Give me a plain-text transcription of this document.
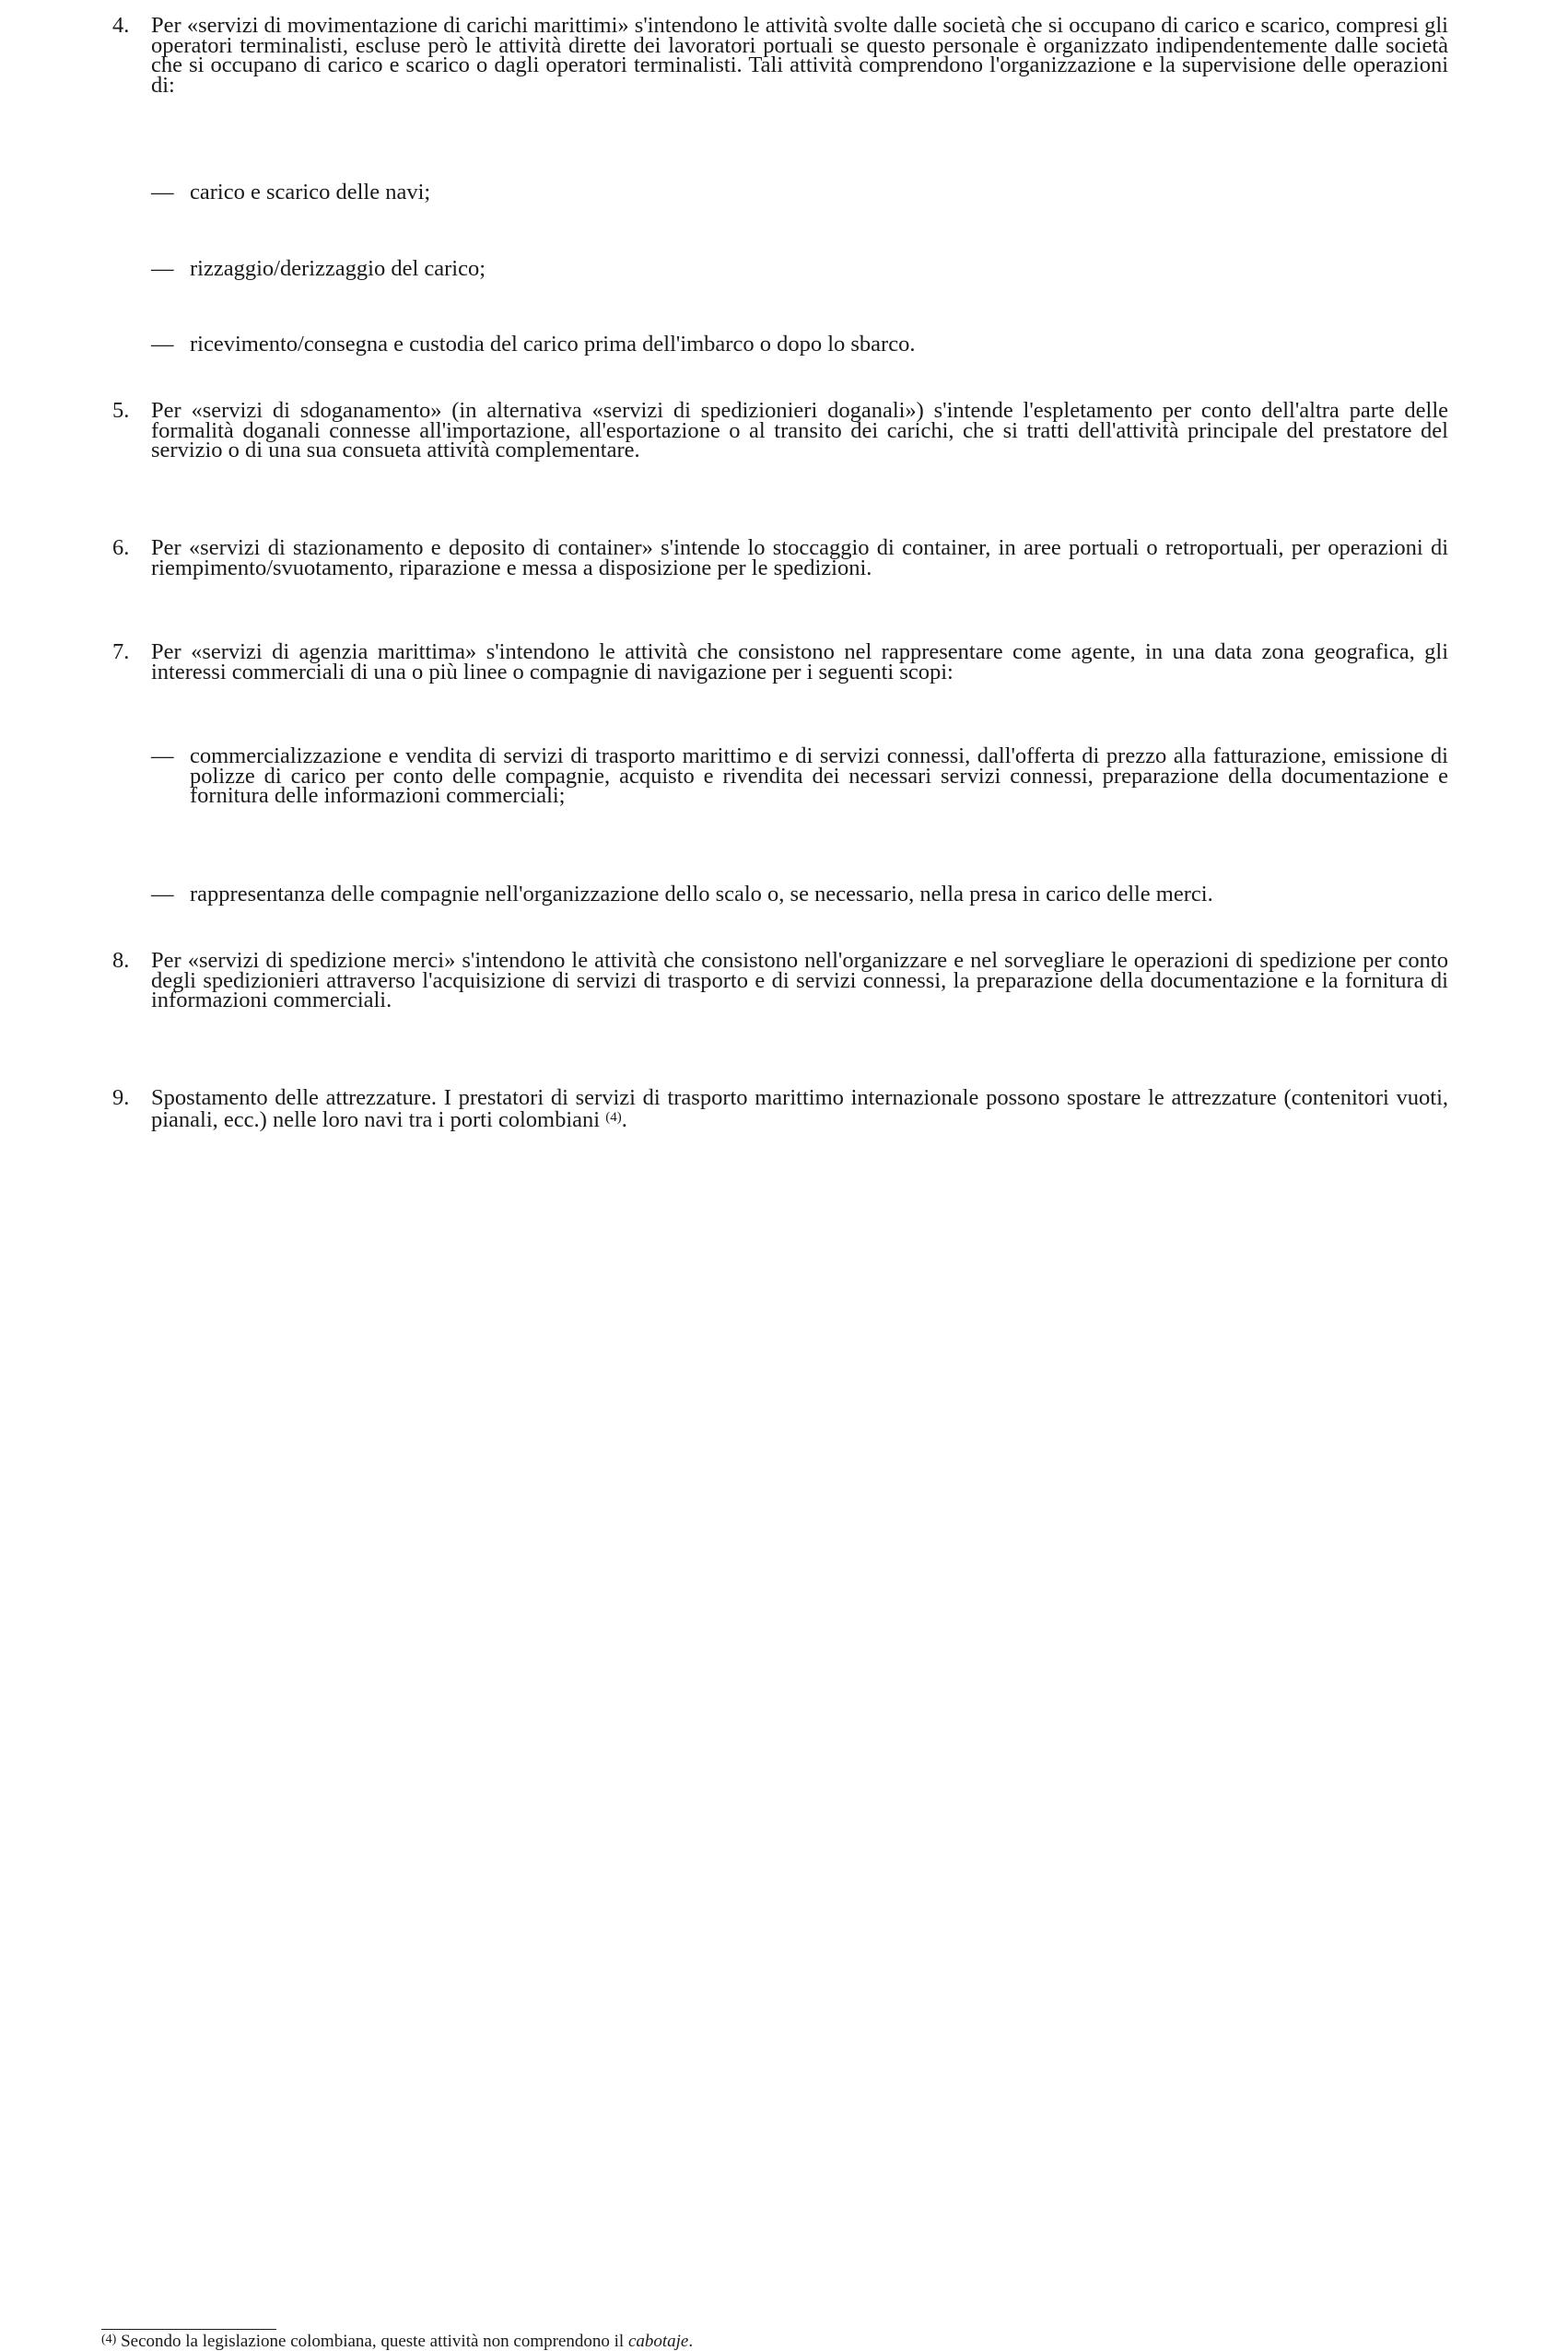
4. Per «servizi di movimentazione di carichi marittimi» s'intendono le attività svolte dalle società che si occupano di carico e scarico, compresi gli operatori terminalisti, escluse però le attività dirette dei lavoratori portuali se questo personale è organizzato indipendentemente dalle società che si occupano di carico e scarico o dagli operatori terminalisti. Tali attività comprendono l'organizzazione e la supervisione delle operazioni di:
— carico e scarico delle navi;
— rizzaggio/derizzaggio del carico;
— ricevimento/consegna e custodia del carico prima dell'imbarco o dopo lo sbarco.
5. Per «servizi di sdoganamento» (in alternativa «servizi di spedizionieri doganali») s'intende l'espletamento per conto dell'altra parte delle formalità doganali connesse all'importazione, all'esportazione o al transito dei carichi, che si tratti dell'attività principale del prestatore del servizio o di una sua consueta attività complementare.
6. Per «servizi di stazionamento e deposito di container» s'intende lo stoccaggio di container, in aree portuali o retroportuali, per operazioni di riempimento/svuotamento, riparazione e messa a disposizione per le spedizioni.
7. Per «servizi di agenzia marittima» s'intendono le attività che consistono nel rappresentare come agente, in una data zona geografica, gli interessi commerciali di una o più linee o compagnie di navigazione per i seguenti scopi:
— commercializzazione e vendita di servizi di trasporto marittimo e di servizi connessi, dall'offerta di prezzo alla fatturazione, emissione di polizze di carico per conto delle compagnie, acquisto e rivendita dei necessari servizi connessi, preparazione della documentazione e fornitura delle informazioni commerciali;
— rappresentanza delle compagnie nell'organizzazione dello scalo o, se necessario, nella presa in carico delle merci.
8. Per «servizi di spedizione merci» s'intendono le attività che consistono nell'organizzare e nel sorvegliare le operazioni di spedizione per conto degli spedizionieri attraverso l'acquisizione di servizi di trasporto e di servizi connessi, la preparazione della documentazione e la fornitura di informazioni commerciali.
9. Spostamento delle attrezzature. I prestatori di servizi di trasporto marittimo internazionale possono spostare le attrezzature (contenitori vuoti, pianali, ecc.) nelle loro navi tra i porti colombiani $^{(4)}$.
$^{(4)}$ Secondo la legislazione colombiana, queste attività non comprendono il cabotaje.
